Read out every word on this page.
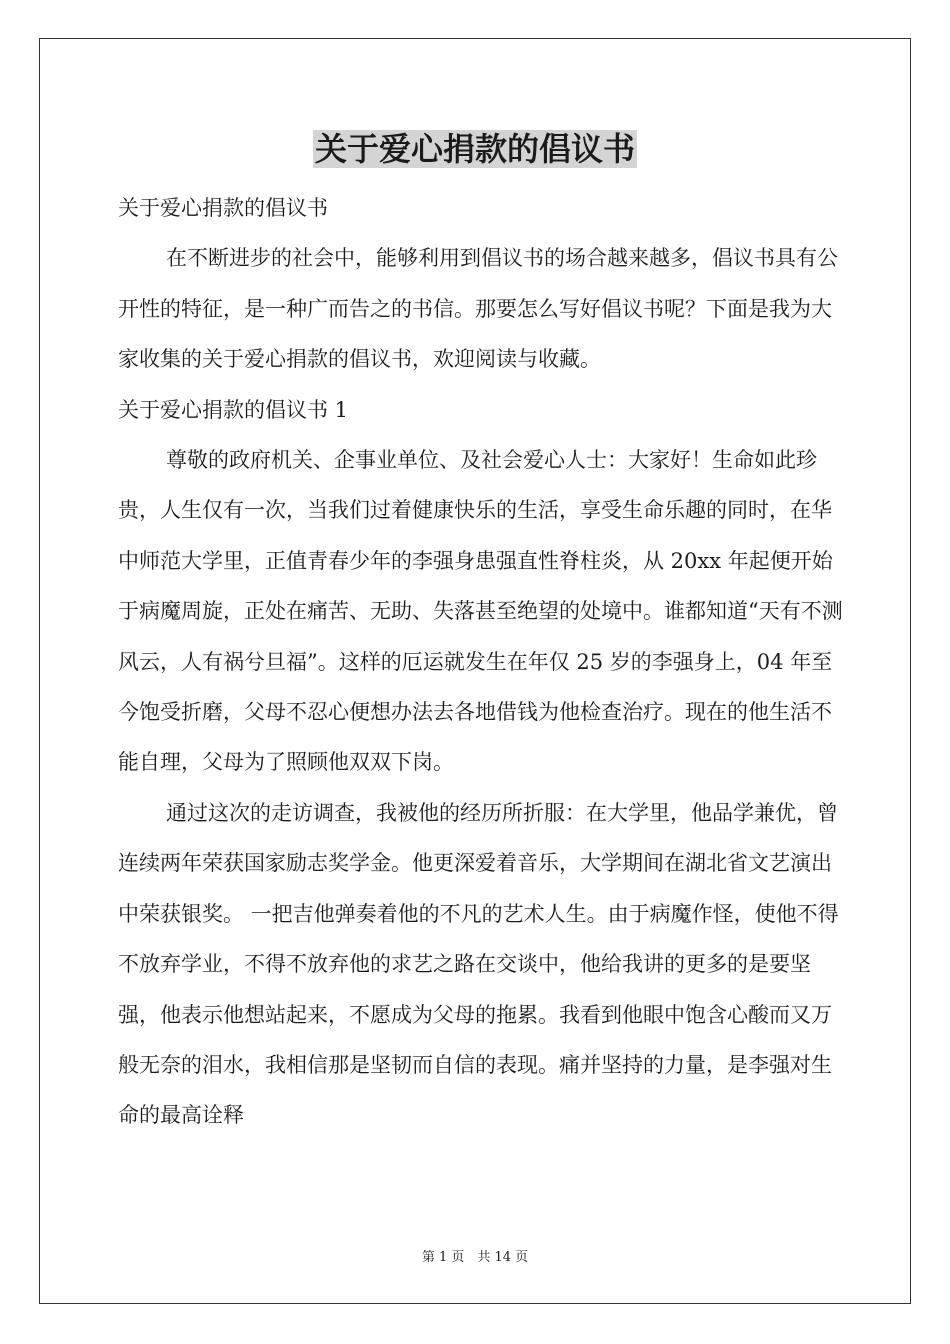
关于爱心捐款的倡议书

关于爱心捐款的倡议书

在不断进步的社会中，能够利用到倡议书的场合越来越多，倡议书具有公开性的特征，是一种广而告之的书信。那要怎么写好倡议书呢？下面是我为大家收集的关于爱心捐款的倡议书，欢迎阅读与收藏。

关于爱心捐款的倡议书 1

尊敬的政府机关、企事业单位、及社会爱心人士：大家好！生命如此珍贵，人生仅有一次，当我们过着健康快乐的生活，享受生命乐趣的同时，在华中师范大学里，正值青春少年的李强身患强直性脊柱炎，从 20xx 年起便开始于病魔周旋，正处在痛苦、无助、失落甚至绝望的处境中。谁都知道“天有不测风云，人有祸兮旦福”。这样的厄运就发生在年仅 25 岁的李强身上，04 年至今饱受折磨，父母不忍心便想办法去各地借钱为他检查治疗。现在的他生活不能自理，父母为了照顾他双双下岗。

通过这次的走访调查，我被他的经历所折服：在大学里，他品学兼优，曾连续两年荣获国家励志奖学金。他更深爱着音乐，大学期间在湖北省文艺演出中荣获银奖。 一把吉他弹奏着他的不凡的艺术人生。由于病魔作怪，使他不得不放弃学业，不得不放弃他的求艺之路在交谈中，他给我讲的更多的是要坚强，他表示他想站起来，不愿成为父母的拖累。我看到他眼中饱含心酸而又万般无奈的泪水，我相信那是坚韧而自信的表现。痛并坚持的力量，是李强对生命的最高诠释

第 1 页　共 14 页
